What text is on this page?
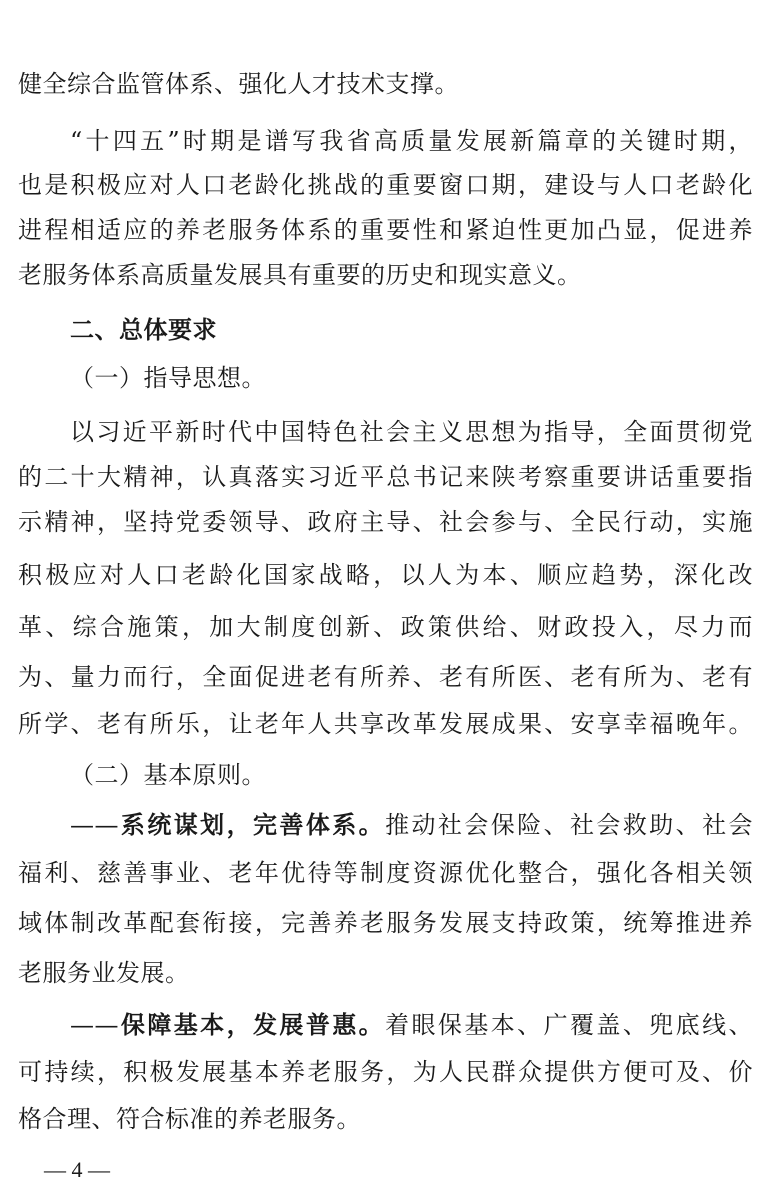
健全综合监管体系、强化人才技术支撑。
“十四五”时期是谱写我省高质量发展新篇章的关键时期，
也是积极应对人口老龄化挑战的重要窗口期，建设与人口老龄化
进程相适应的养老服务体系的重要性和紧迫性更加凸显，促进养
老服务体系高质量发展具有重要的历史和现实意义。
二、总体要求
（一）指导思想。
以习近平新时代中国特色社会主义思想为指导，全面贯彻党
的二十大精神，认真落实习近平总书记来陕考察重要讲话重要指
示精神，坚持党委领导、政府主导、社会参与、全民行动，实施
积极应对人口老龄化国家战略，以人为本、顺应趋势，深化改
革、综合施策，加大制度创新、政策供给、财政投入，尽力而
为、量力而行，全面促进老有所养、老有所医、老有所为、老有
所学、老有所乐，让老年人共享改革发展成果、安享幸福晚年。
（二）基本原则。
——系统谋划，完善体系。推动社会保险、社会救助、社会
福利、慈善事业、老年优待等制度资源优化整合，强化各相关领
域体制改革配套衔接，完善养老服务发展支持政策，统筹推进养
老服务业发展。
——保障基本，发展普惠。着眼保基本、广覆盖、兜底线、
可持续，积极发展基本养老服务，为人民群众提供方便可及、价
格合理、符合标准的养老服务。
— 4 —
